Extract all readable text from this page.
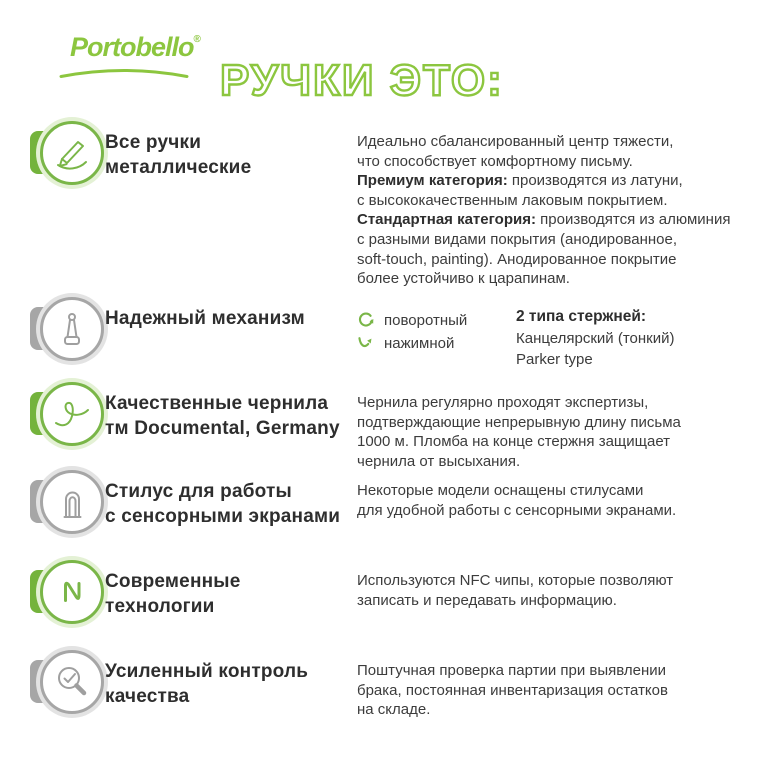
Portobello®
РУЧКИ ЭТО:
Все ручки
металлические
Идеально сбалансированный центр тяжести,
что способствует комфортному письму.
Премиум категория: производятся из латуни,
с высококачественным лаковым покрытием.
Стандартная категория: производятся из алюминия
с разными видами покрытия (анодированное,
soft-touch, painting). Анодированное покрытие
более устойчиво к царапинам.
Надежный механизм	поворотный
нажимной
2 типа стержней:
Канцелярский (тонкий)
Parker type
Качественные чернила
тм Documental, Germany
Чернила регулярно проходят экспертизы,
подтверждающие непрерывную длину письма
1000 м. Пломба на конце стержня защищает
чернила от высыхания.
Стилус для работы
с сенсорными экранами
Некоторые модели оснащены стилусами
для удобной работы с сенсорными экранами.
Современные
технологии
Используются NFC чипы, которые позволяют
записать и передавать информацию.
Усиленный контроль
качества
Поштучная проверка партии при выявлении
брака, постоянная инвентаризация остатков
на складе.
